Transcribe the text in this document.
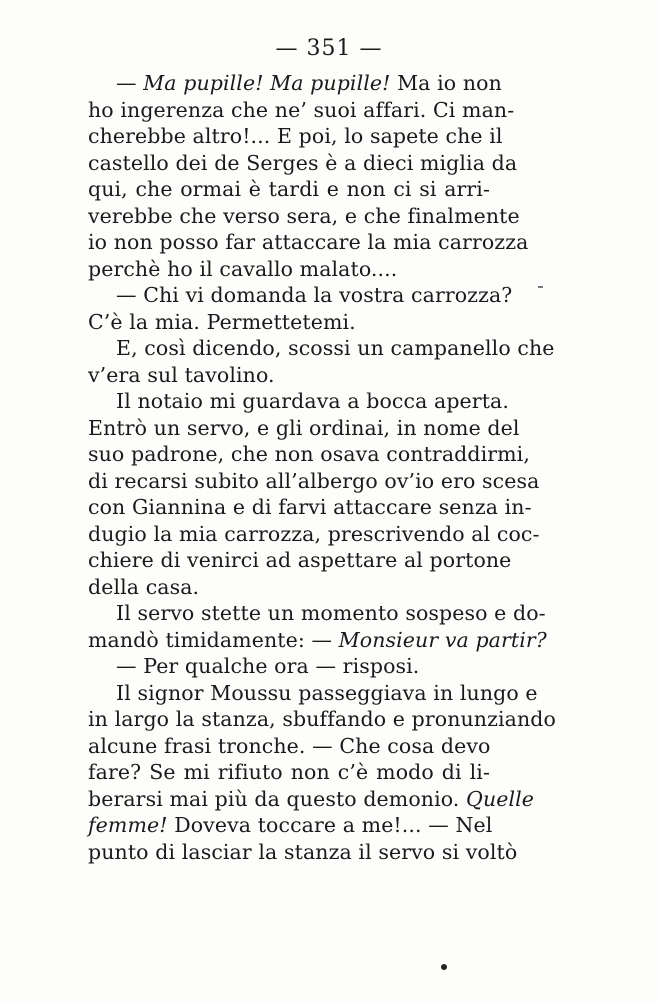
— 351 —
— Ma pupille! Ma pupille! Ma io non
ho ingerenza che ne’ suoi affari. Ci man-
cherebbe altro!... E poi, lo sapete che il
castello dei de Serges è a dieci miglia da
qui, che ormai è tardi e non ci si arri-
verebbe che verso sera, e che finalmente
io non posso far attaccare la mia carrozza
perchè ho il cavallo malato....
— Chi vi domanda la vostra carrozza?
C’è la mia. Permettetemi.
E, così dicendo, scossi un campanello che
v’era sul tavolino.
Il notaio mi guardava a bocca aperta.
Entrò un servo, e gli ordinai, in nome del
suo padrone, che non osava contraddirmi,
di recarsi subito all’albergo ov’io ero scesa
con Giannina e di farvi attaccare senza in-
dugio la mia carrozza, prescrivendo al coc-
chiere di venirci ad aspettare al portone
della casa.
Il servo stette un momento sospeso e do-
mandò timidamente: — Monsieur va partir?
— Per qualche ora — risposi.
Il signor Moussu passeggiava in lungo e
in largo la stanza, sbuffando e pronunziando
alcune frasi tronche. — Che cosa devo
fare? Se mi rifiuto non c’è modo di li-
berarsi mai più da questo demonio. Quelle
femme! Doveva toccare a me!... — Nel
punto di lasciar la stanza il servo si voltò
